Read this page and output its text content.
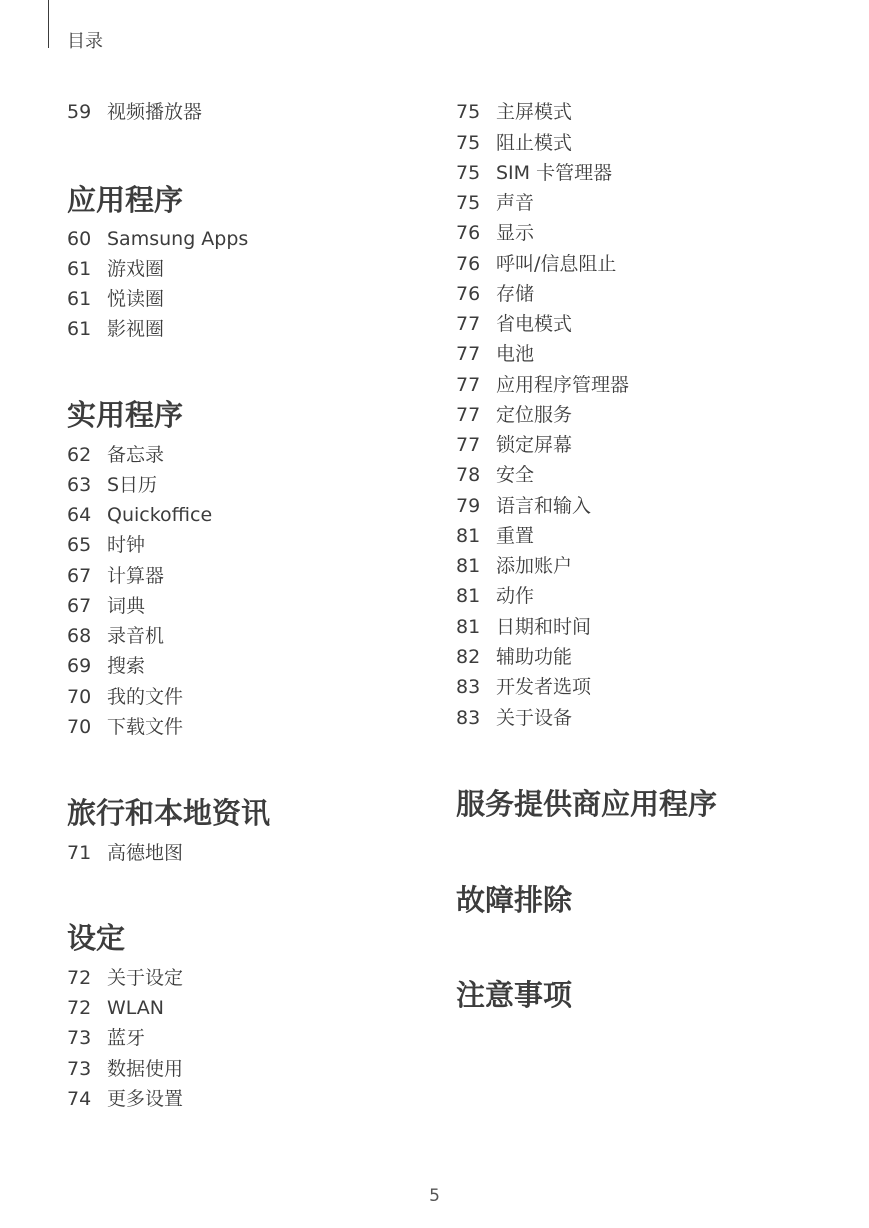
目录
59 视频播放器
应用程序
60 Samsung Apps
61 游戏圈
61 悦读圈
61 影视圈
实用程序
62 备忘录
63 S日历
64 Quickoffice
65 时钟
67 计算器
67 词典
68 录音机
69 搜索
70 我的文件
70 下载文件
旅行和本地资讯
71 高德地图
设定
72 关于设定
72 WLAN
73 蓝牙
73 数据使用
74 更多设置
75 主屏模式
75 阻止模式
75 SIM 卡管理器
75 声音
76 显示
76 呼叫/信息阻止
76 存储
77 省电模式
77 电池
77 应用程序管理器
77 定位服务
77 锁定屏幕
78 安全
79 语言和输入
81 重置
81 添加账户
81 动作
81 日期和时间
82 辅助功能
83 开发者选项
83 关于设备
服务提供商应用程序
故障排除
注意事项
5
